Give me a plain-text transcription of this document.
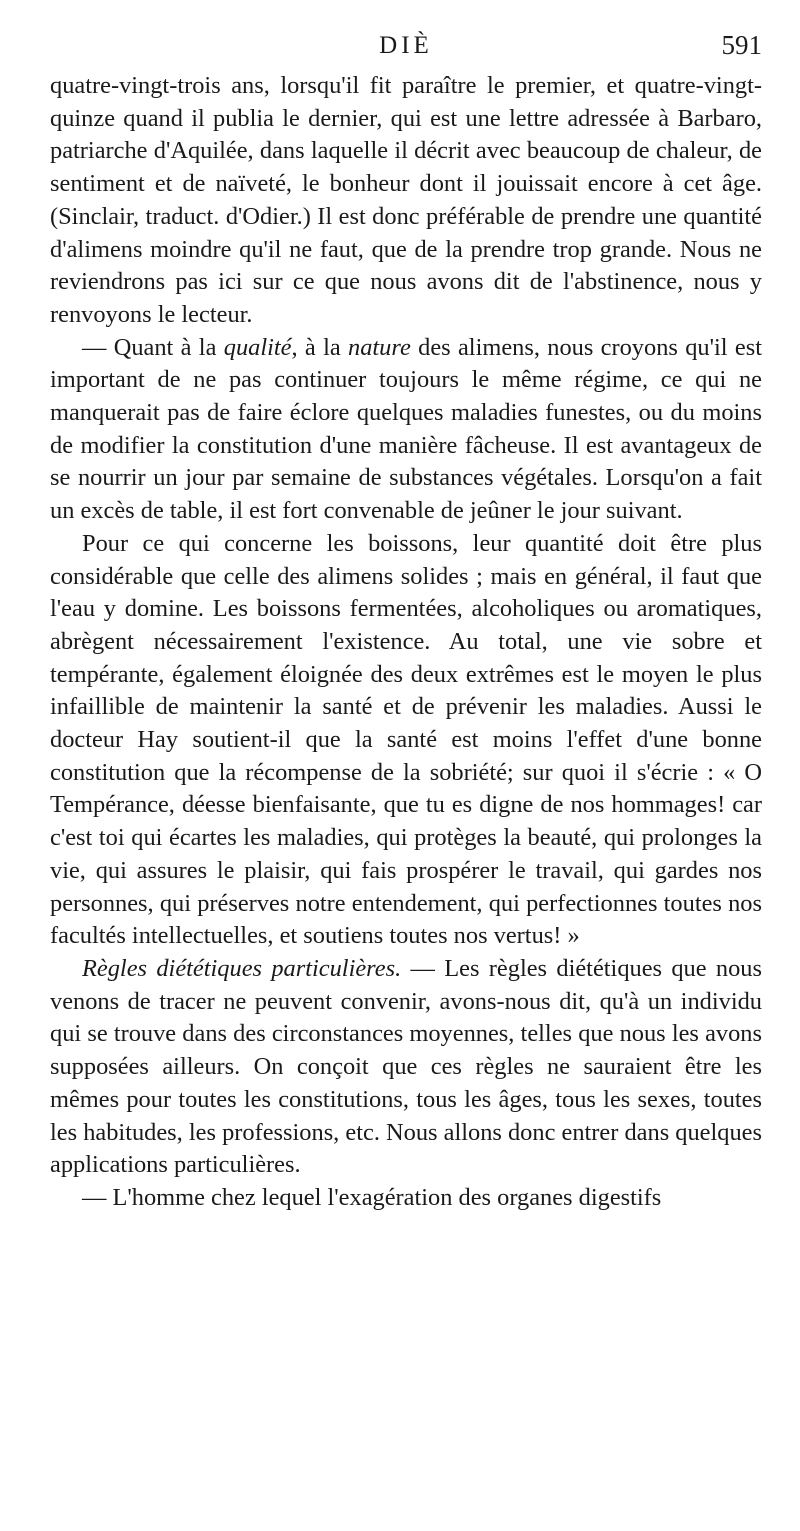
DIÈ	591

quatre-vingt-trois ans, lorsqu'il fit paraître le premier, et quatre-vingt-quinze quand il publia le dernier, qui est une lettre adressée à Barbaro, patriarche d'Aquilée, dans laquelle il décrit avec beaucoup de chaleur, de sentiment et de naïveté, le bonheur dont il jouissait encore à cet âge. (Sinclair, traduct. d'Odier.) Il est donc préférable de prendre une quantité d'alimens moindre qu'il ne faut, que de la prendre trop grande. Nous ne reviendrons pas ici sur ce que nous avons dit de l'abstinence, nous y renvoyons le lecteur.

— Quant à la qualité, à la nature des alimens, nous croyons qu'il est important de ne pas continuer toujours le même régime, ce qui ne manquerait pas de faire éclore quelques maladies funestes, ou du moins de modifier la constitution d'une manière fâcheuse. Il est avantageux de se nourrir un jour par semaine de substances végétales. Lorsqu'on a fait un excès de table, il est fort convenable de jeûner le jour suivant.

Pour ce qui concerne les boissons, leur quantité doit être plus considérable que celle des alimens solides ; mais en général, il faut que l'eau y domine. Les boissons fermentées, alcoholiques ou aromatiques, abrègent nécessairement l'existence. Au total, une vie sobre et tempérante, également éloignée des deux extrêmes est le moyen le plus infaillible de maintenir la santé et de prévenir les maladies. Aussi le docteur Hay soutient-il que la santé est moins l'effet d'une bonne constitution que la récompense de la sobriété; sur quoi il s'écrie : « O Tempérance, déesse bienfaisante, que tu es digne de nos hommages! car c'est toi qui écartes les maladies, qui protèges la beauté, qui prolonges la vie, qui assures le plaisir, qui fais prospérer le travail, qui gardes nos personnes, qui préserves notre entendement, qui perfectionnes toutes nos facultés intellectuelles, et soutiens toutes nos vertus! »

Règles diététiques particulières. — Les règles diététiques que nous venons de tracer ne peuvent convenir, avons-nous dit, qu'à un individu qui se trouve dans des circonstances moyennes, telles que nous les avons supposées ailleurs. On conçoit que ces règles ne sauraient être les mêmes pour toutes les constitutions, tous les âges, tous les sexes, toutes les habitudes, les professions, etc. Nous allons donc entrer dans quelques applications particulières.

— L'homme chez lequel l'exagération des organes digestifs
